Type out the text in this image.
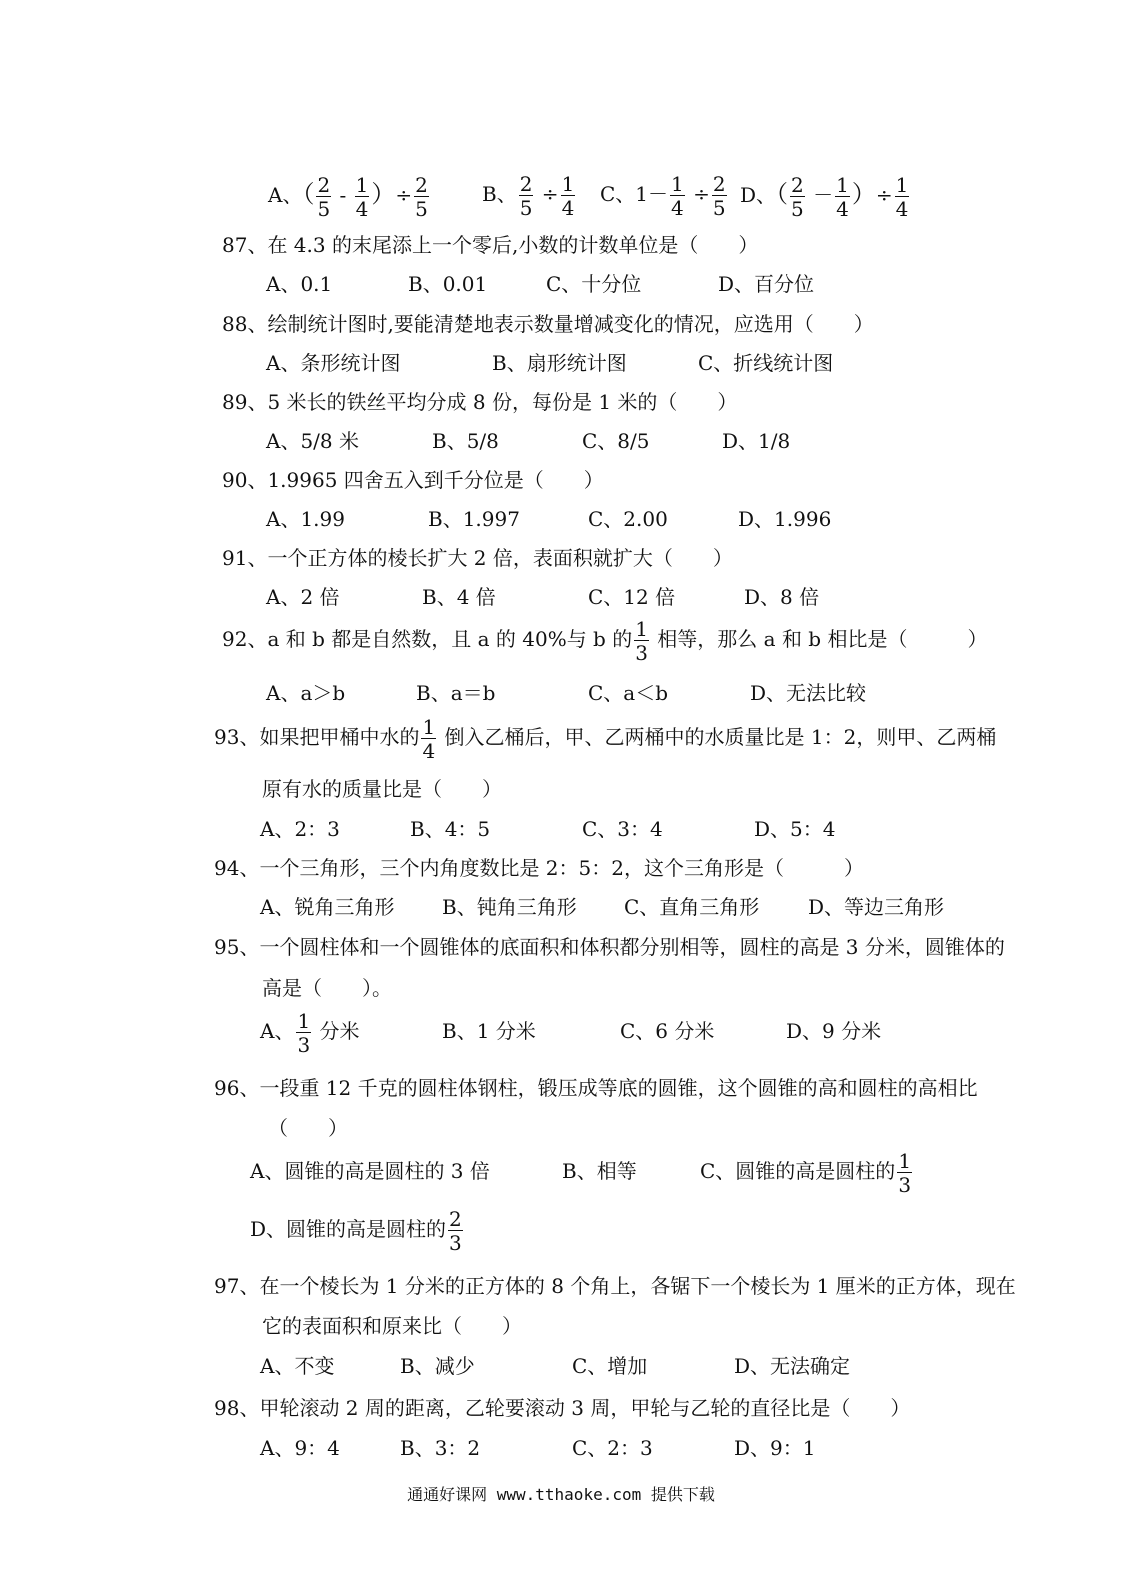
A、（ $\frac{2}{5} - \frac{1}{4}$ ）÷ $\frac{2}{5}$	B、 $\frac{2}{5} \div \frac{1}{4}$ C、$1- \frac{1}{4} \div \frac{2}{5}$ D、（ $\frac{2}{5} - \frac{1}{4}$ ）÷ $\frac{1}{4}$
87、在 4.3 的末尾添上一个零后,小数的计数单位是（　　）
A、0.1	B、0.01	C、十分位	D、百分位
88、绘制统计图时,要能清楚地表示数量增减变化的情况，应选用（　　）
A、条形统计图	B、扇形统计图	C、折线统计图
89、5 米长的铁丝平均分成 8 份，每份是 1 米的（　　）
A、5/8 米	B、5/8	C、8/5	D、1/8
90、1.9965 四舍五入到千分位是（　　）
A、1.99	B、1.997	C、2.00	D、1.996
91、一个正方体的棱长扩大 2 倍，表面积就扩大（　　）
A、2 倍	B、4 倍	C、12 倍	D、8 倍
92、a 和 b 都是自然数，且 a 的 40%与 b 的 $\frac{1}{3}$ 相等，那么 a 和 b 相比是（　　　）
A、a＞b	B、a＝b	C、a＜b	D、无法比较
93、如果把甲桶中水的 $\frac{1}{4}$ 倒入乙桶后，甲、乙两桶中的水质量比是 1：2，则甲、乙两桶
原有水的质量比是（　　）
A、2：3	B、4：5	C、3：4	D、5：4
94、一个三角形，三个内角度数比是 2：5：2，这个三角形是（　　　）
A、锐角三角形 B、钝角三角形 C、直角三角形 D、等边三角形
95、一个圆柱体和一个圆锥体的底面积和体积都分别相等，圆柱的高是 3 分米，圆锥体的
高是（　　）。
A、 $\frac{1}{3}$ 分米	B、1 分米	C、6 分米	D、9 分米
96、一段重 12 千克的圆柱体钢柱，锻压成等底的圆锥，这个圆锥的高和圆柱的高相比
（　　）
A、圆锥的高是圆柱的 3 倍	B、相等	C、圆锥的高是圆柱的 $\frac{1}{3}$
D、圆锥的高是圆柱的 $\frac{2}{3}$
97、在一个棱长为 1 分米的正方体的 8 个角上，各锯下一个棱长为 1 厘米的正方体，现在
它的表面积和原来比（　　）
A、不变	B、减少	C、增加	D、无法确定
98、甲轮滚动 2 周的距离，乙轮要滚动 3 周，甲轮与乙轮的直径比是（　　）
A、9：4	B、3：2	C、2：3	D、9：1
通通好课网 www.tthaoke.com 提供下载
